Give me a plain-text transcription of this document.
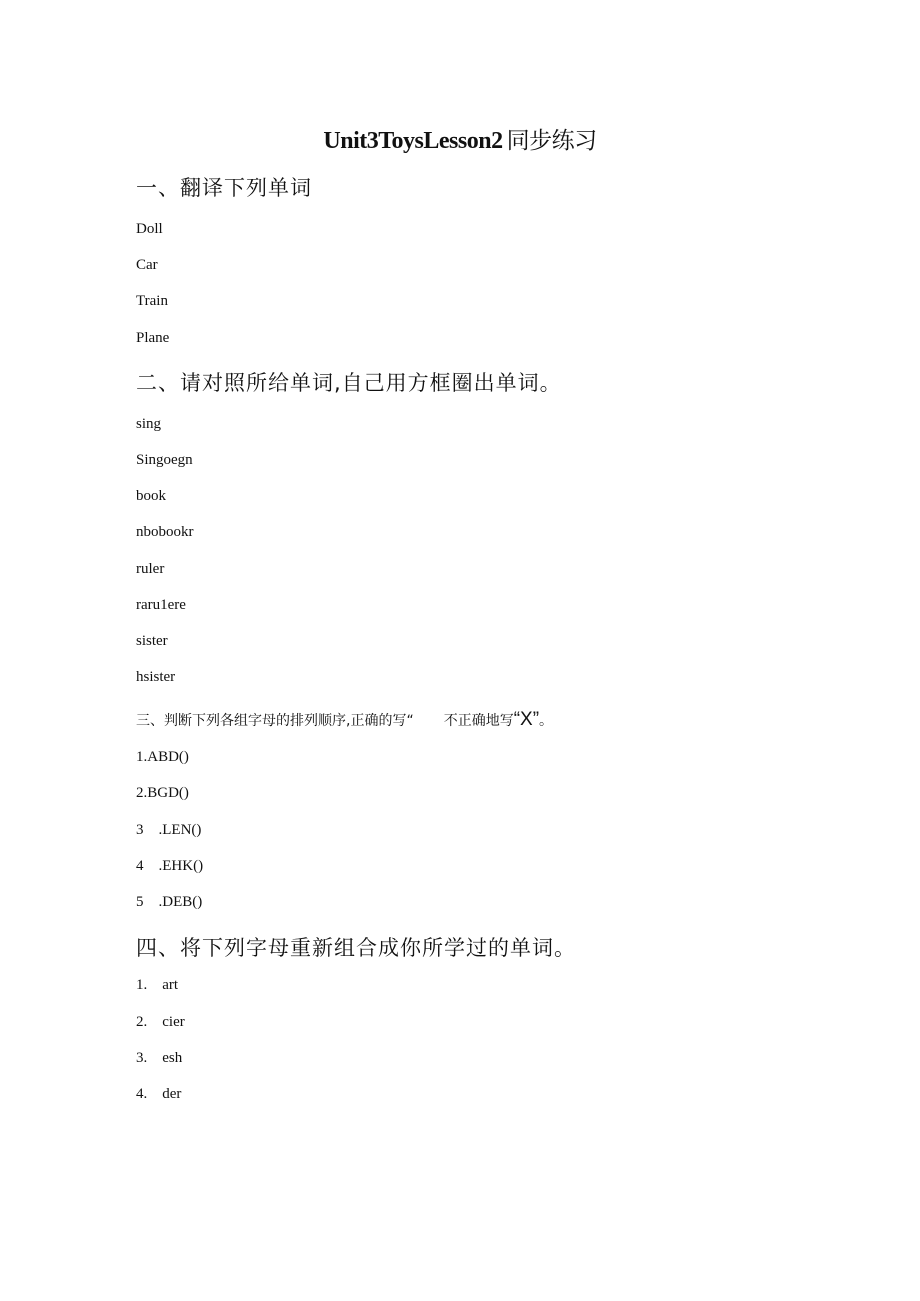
Unit3ToysLesson2 同步练习
一、翻译下列单词
Doll
Car
Train
Plane
二、请对照所给单词,自己用方框圈出单词。
sing
Singoegn
book
nbobookr
ruler
raru1ere
sister
hsister
三、判断下列各组字母的排列顺序,正确的写“ 不正确地写“X”。
1.ABD()
2.BGD()
3    .LEN()
4    .EHK()
5    .DEB()
四、将下列字母重新组合成你所学过的单词。
1.    art
2.    cier
3.    esh
4.    der
